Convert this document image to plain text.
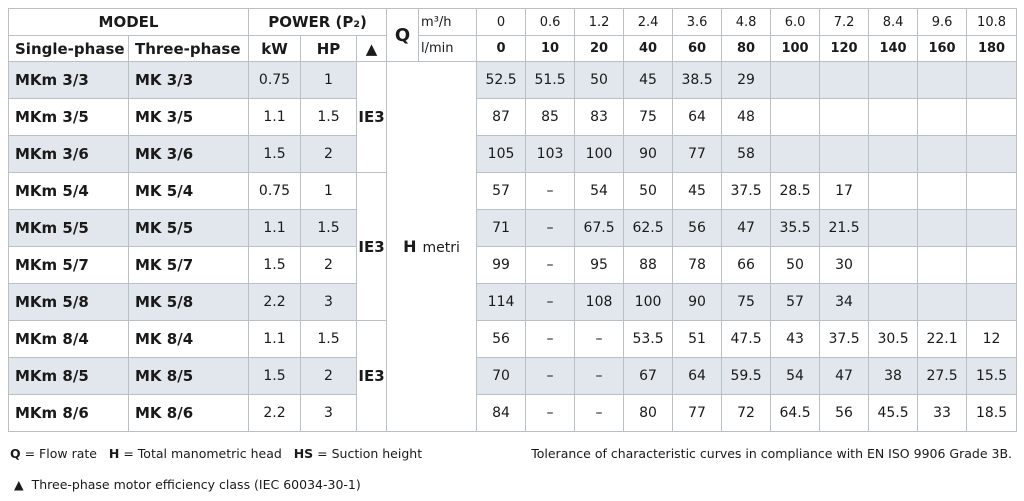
MODEL		POWER (P₂)			Q	m³/h	0	0.6	1.2	2.4	3.6	4.8	6.0	7.2	8.4	9.6	10.8
Single-phase	Three-phase	kW	HP	▲		l/min	0	10	20	40	60	80	100	120	140	160	180
MKm 3/3	MK 3/3	0.75	1	IE3	H metri		52.5	51.5	50	45	38.5	29					
MKm 3/5	MK 3/5	1.1	1.5				87	85	83	75	64	48					
MKm 3/6	MK 3/6	1.5	2				105	103	100	90	77	58					
MKm 5/4	MK 5/4	0.75	1	IE3			57	–	54	50	45	37.5	28.5	17			
MKm 5/5	MK 5/5	1.1	1.5				71	–	67.5	62.5	56	47	35.5	21.5			
MKm 5/7	MK 5/7	1.5	2				99	–	95	88	78	66	50	30			
MKm 5/8	MK 5/8	2.2	3				114	–	108	100	90	75	57	34			
MKm 8/4	MK 8/4	1.1	1.5	IE3			56	–	–	53.5	51	47.5	43	37.5	30.5	22.1	12
MKm 8/5	MK 8/5	1.5	2				70	–	–	67	64	59.5	54	47	38	27.5	15.5
MKm 8/6	MK 8/6	2.2	3				84	–	–	80	77	72	64.5	56	45.5	33	18.5
Q = Flow rate H = Total manometric head HS = Suction height	Tolerance of characteristic curves in compliance with EN ISO 9906 Grade 3B.
▲ Three-phase motor efficiency class (IEC 60034-30-1)
